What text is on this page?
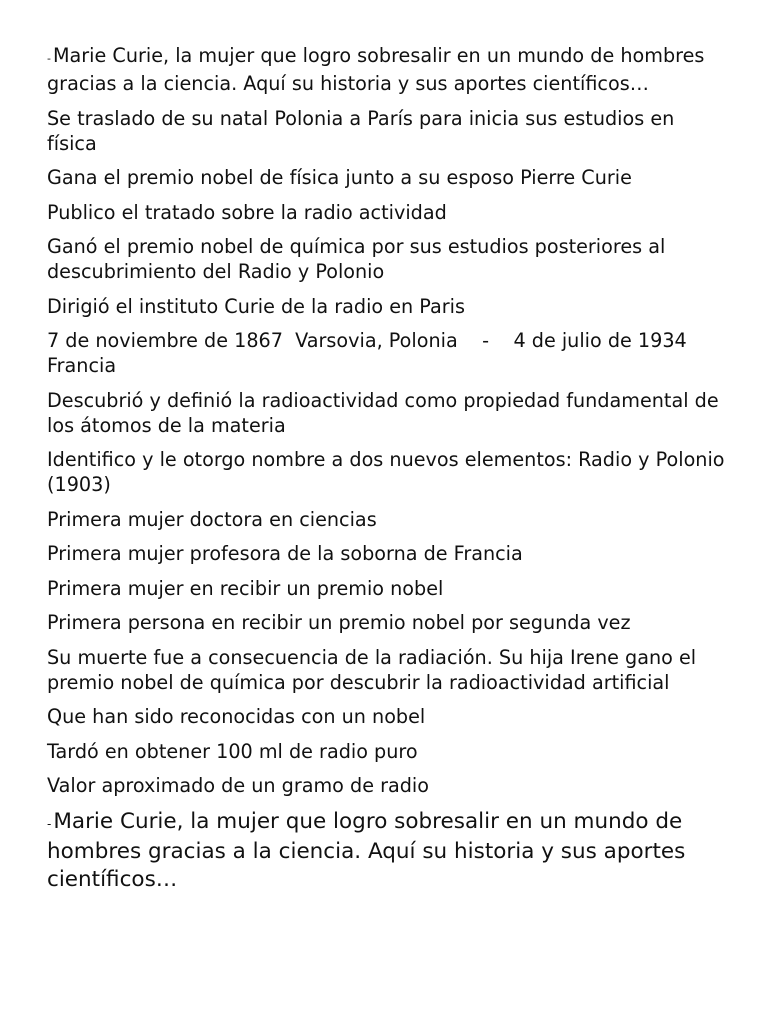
- Marie Curie, la mujer que logro sobresalir en un mundo de hombres gracias a la ciencia. Aquí su historia y sus aportes científicos…

Se traslado de su natal Polonia a París para inicia sus estudios en física

Gana el premio nobel de física junto a su esposo Pierre Curie

Publico el tratado sobre la radio actividad

Ganó el premio nobel de química por sus estudios posteriores al descubrimiento del Radio y Polonio

Dirigió el instituto Curie de la radio en Paris

7 de noviembre de 1867  Varsovia, Polonia    -    4 de julio de 1934  Francia

Descubrió y definió la radioactividad como propiedad fundamental de los átomos de la materia

Identifico y le otorgo nombre a dos nuevos elementos: Radio y Polonio (1903)

Primera mujer doctora en ciencias

Primera mujer profesora de la soborna de Francia

Primera mujer en recibir un premio nobel

Primera persona en recibir un premio nobel por segunda vez

Su muerte fue a consecuencia de la radiación. Su hija Irene gano el premio nobel de química por descubrir la radioactividad artificial

Que han sido reconocidas con un nobel

Tardó en obtener 100 ml de radio puro

Valor aproximado de un gramo de radio

-Marie Curie, la mujer que logro sobresalir en un mundo de hombres gracias a la ciencia. Aquí su historia y sus aportes científicos…
